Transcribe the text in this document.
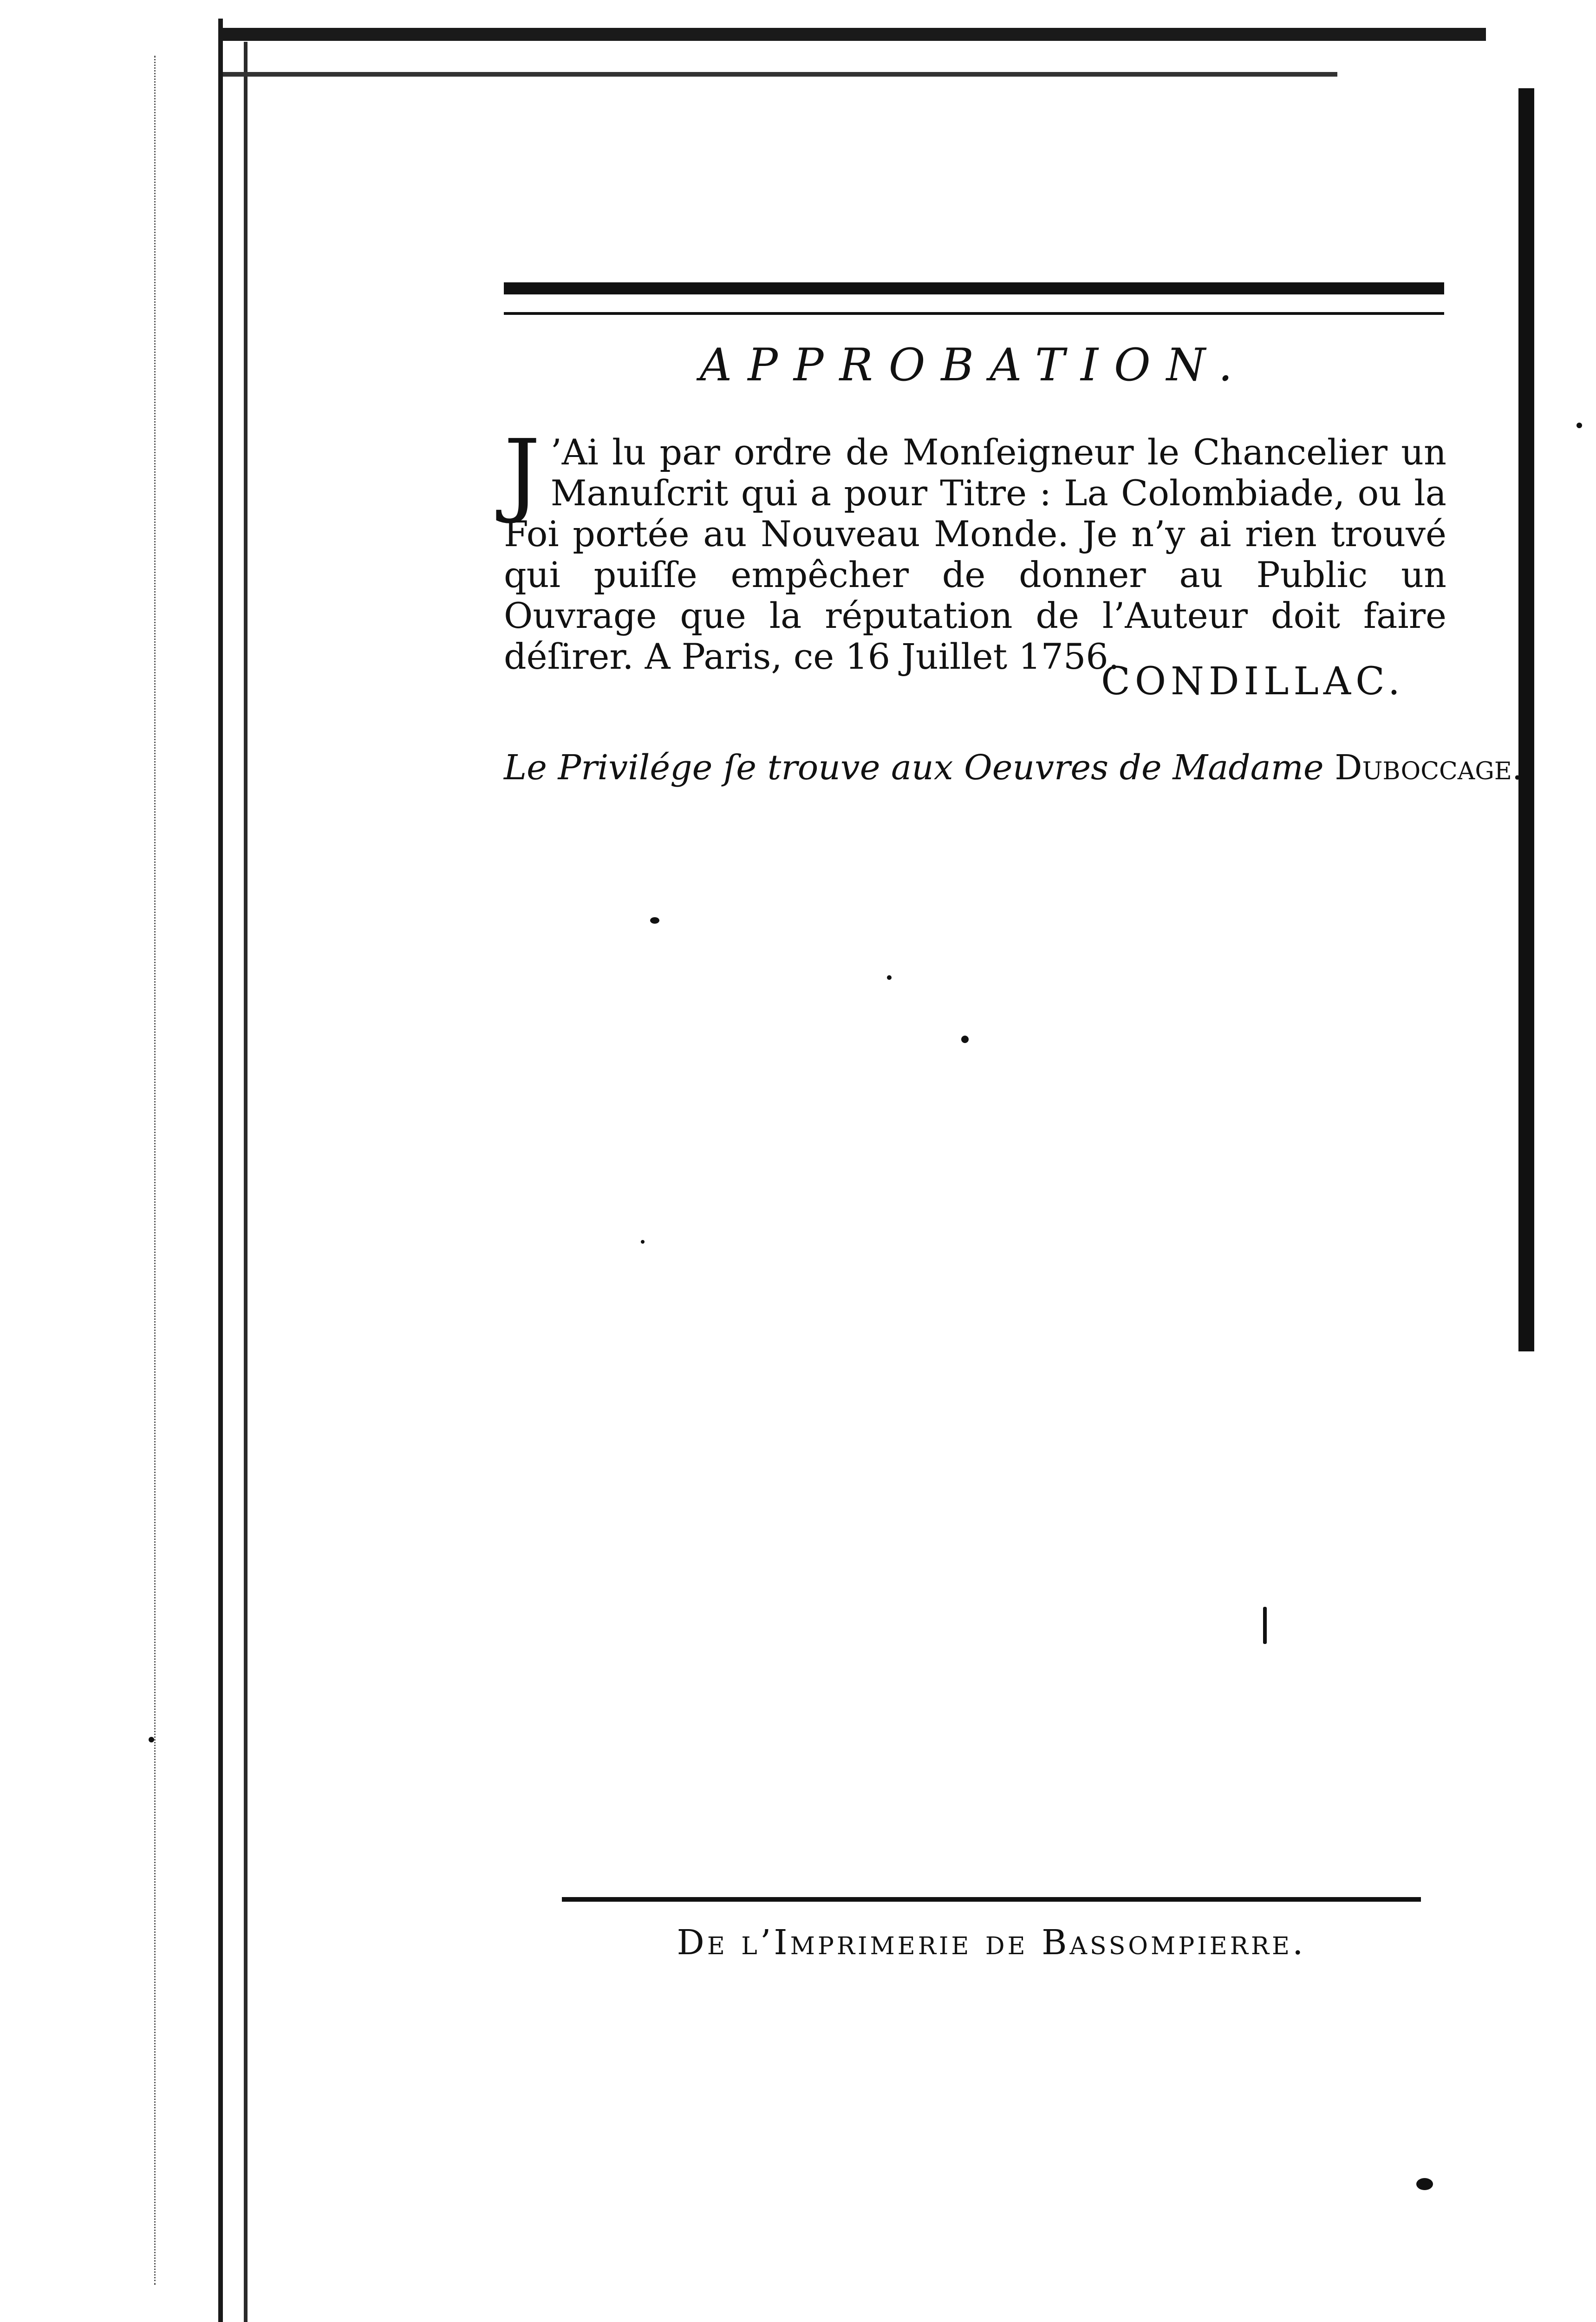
APPROBATION.
J ’Ai lu par ordre de Monſeigneur le Chancelier un Manuſcrit qui a pour Titre : La Colombiade, ou la Foi portée au Nouveau Monde. Je n’y ai rien trouvé qui puiſſe empêcher de donner au Public un Ouvrage que la réputation de l’Auteur doit faire déſirer. A Paris, ce 16 Juillet 1756.
CONDILLAC.
Le Privilége ſe trouve aux Oeuvres de Madame Duboccage.
De l’Imprimerie de Bassompierre.
